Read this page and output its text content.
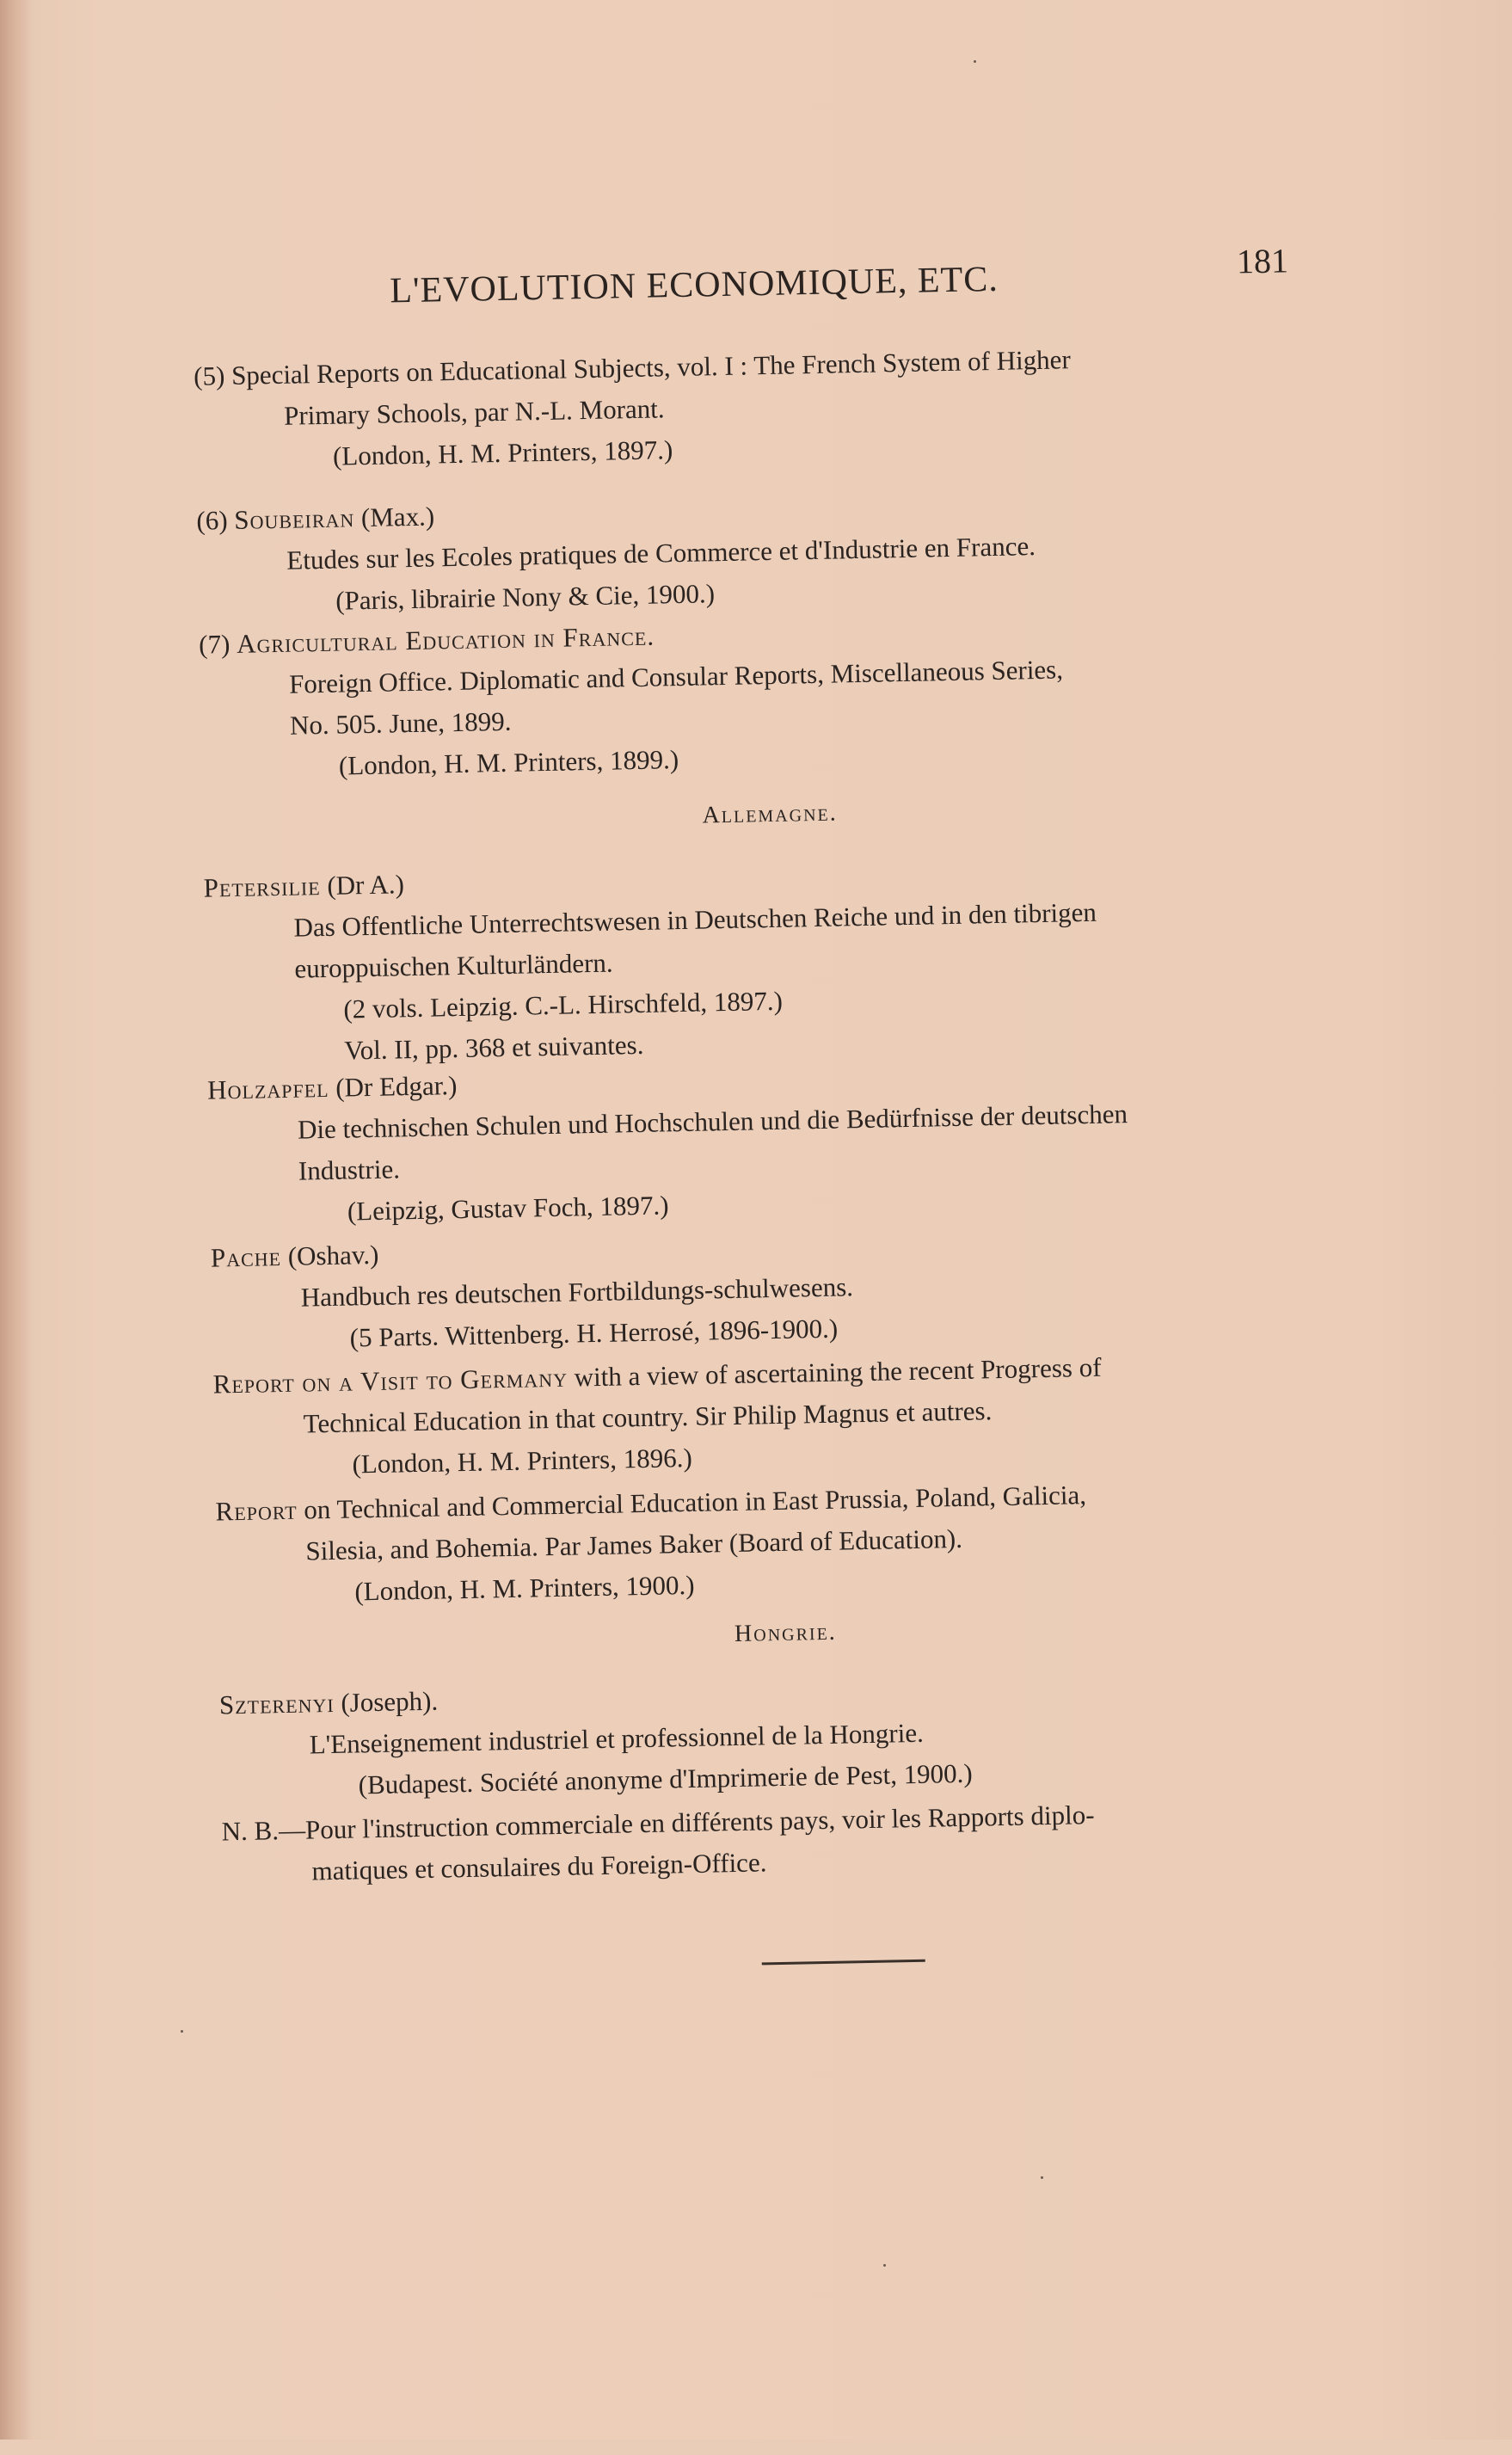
L'EVOLUTION ECONOMIQUE, ETC.	181
(5) Special Reports on Educational Subjects, vol. I : The French System of Higher
Primary Schools, par N.-L. Morant.
(London, H. M. Printers, 1897.)
(6) Soubeiran (Max.)
Etudes sur les Ecoles pratiques de Commerce et d'Industrie en France.
(Paris, librairie Nony & Cie, 1900.)
(7) Agricultural Education in France.
Foreign Office. Diplomatic and Consular Reports, Miscellaneous Series,
No. 505. June, 1899.
(London, H. M. Printers, 1899.)
Allemagne.
Petersilie (Dr A.)
Das Offentliche Unterrechtswesen in Deutschen Reiche und in den tibrigen
europpuischen Kulturländern.
(2 vols. Leipzig. C.-L. Hirschfeld, 1897.)
Vol. II, pp. 368 et suivantes.
Holzapfel (Dr Edgar.)
Die technischen Schulen und Hochschulen und die Bedürfnisse der deutschen
Industrie.
(Leipzig, Gustav Foch, 1897.)
Pache (Oshav.)
Handbuch res deutschen Fortbildungs-schulwesens.
(5 Parts. Wittenberg. H. Herrosé, 1896-1900.)
Report on a Visit to Germany with a view of ascertaining the recent Progress of
Technical Education in that country. Sir Philip Magnus et autres.
(London, H. M. Printers, 1896.)
Report on Technical and Commercial Education in East Prussia, Poland, Galicia,
Silesia, and Bohemia. Par James Baker (Board of Education).
(London, H. M. Printers, 1900.)
Hongrie.
Szterenyi (Joseph).
L'Enseignement industriel et professionnel de la Hongrie.
(Budapest. Société anonyme d'Imprimerie de Pest, 1900.)
N. B.—Pour l'instruction commerciale en différents pays, voir les Rapports diplo-
matiques et consulaires du Foreign-Office.
